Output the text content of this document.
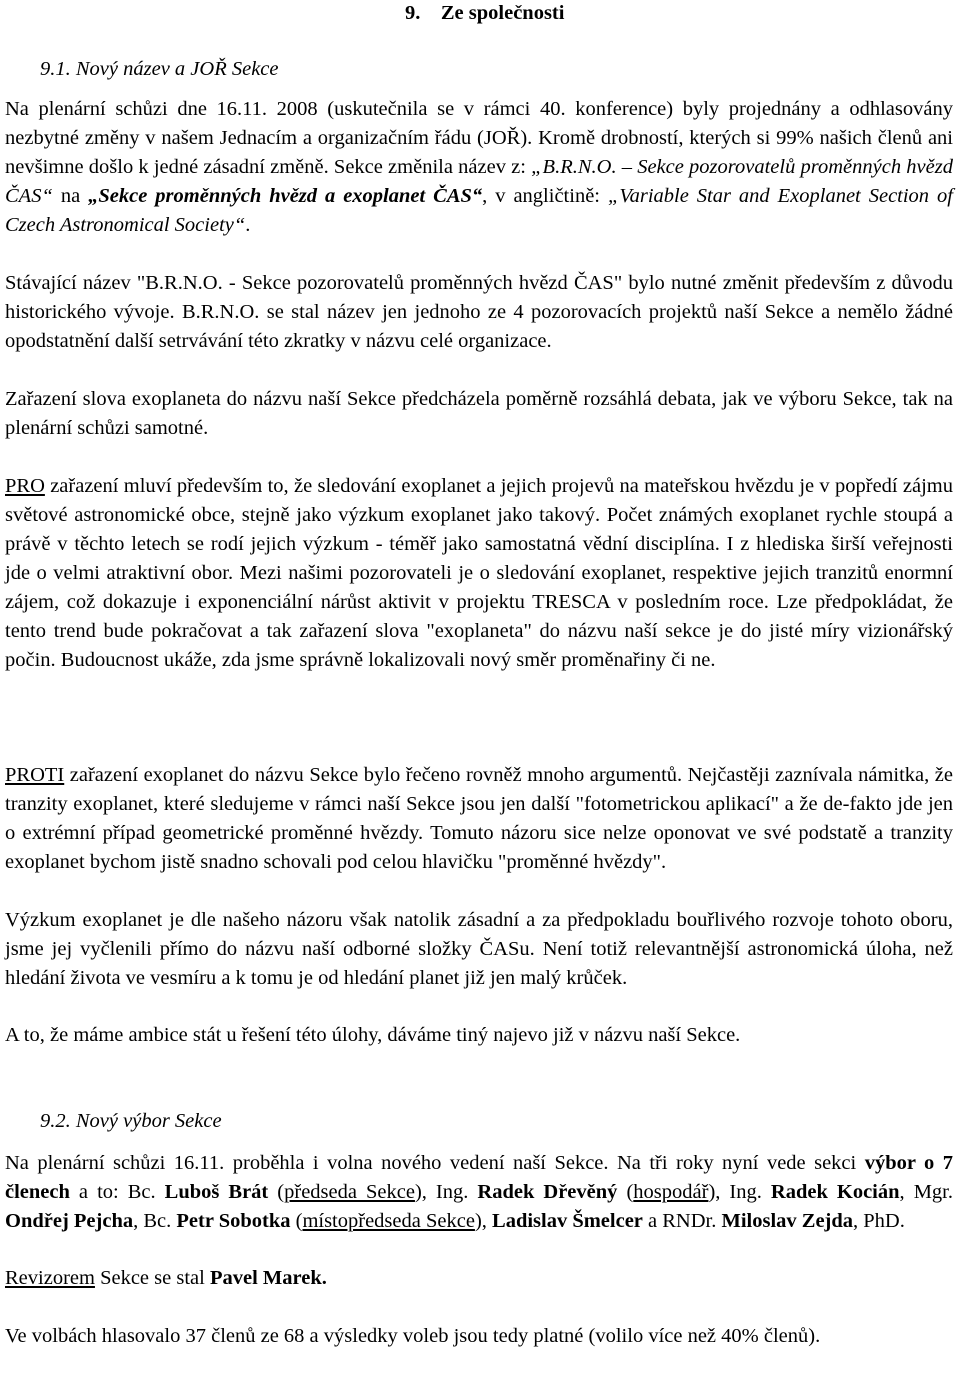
9. Ze společnosti
9.1. Nový název a JOŘ Sekce

Na plenární schůzi dne 16.11. 2008 (uskutečnila se v rámci 40. konference) byly projednány a odhlasovány nezbytné změny v našem Jednacím a organizačním řádu (JOŘ). Kromě drobností, kterých si 99% našich členů ani nevšimne došlo k jedné zásadní změně. Sekce změnila název z: „B.R.N.O. – Sekce pozorovatelů proměnných hvězd ČAS“ na „Sekce proměnných hvězd a exoplanet ČAS“, v angličtině: „Variable Star and Exoplanet Section of Czech Astronomical Society“.

Stávající název "B.R.N.O. - Sekce pozorovatelů proměnných hvězd ČAS" bylo nutné změnit především z důvodu historického vývoje. B.R.N.O. se stal název jen jednoho ze 4 pozorovacích projektů naší Sekce a nemělo žádné opodstatnění další setrvávání této zkratky v názvu celé organizace.

Zařazení slova exoplaneta do názvu naší Sekce předcházela poměrně rozsáhlá debata, jak ve výboru Sekce, tak na plenární schůzi samotné.

PRO zařazení mluví především to, že sledování exoplanet a jejich projevů na mateřskou hvězdu je v popředí zájmu světové astronomické obce, stejně jako výzkum exoplanet jako takový. Počet známých exoplanet rychle stoupá a právě v těchto letech se rodí jejich výzkum - téměř jako samostatná vědní disciplína. I z hlediska širší veřejnosti jde o velmi atraktivní obor. Mezi našimi pozorovateli je o sledování exoplanet, respektive jejich tranzitů enormní zájem, což dokazuje i exponenciální nárůst aktivit v projektu TRESCA v posledním roce. Lze předpokládat, že tento trend bude pokračovat a tak zařazení slova "exoplaneta" do názvu naší sekce je do jisté míry vizionářský počin. Budoucnost ukáže, zda jsme správně lokalizovali nový směr proměnařiny či ne.

PROTI zařazení exoplanet do názvu Sekce bylo řečeno rovněž mnoho argumentů. Nejčastěji zaznívala námitka, že tranzity exoplanet, které sledujeme v rámci naší Sekce jsou jen další "fotometrickou aplikací" a že de-fakto jde jen o extrémní případ geometrické proměnné hvězdy. Tomuto názoru sice nelze oponovat ve své podstatě a tranzity exoplanet bychom jistě snadno schovali pod celou hlavičku "proměnné hvězdy".

Výzkum exoplanet je dle našeho názoru však natolik zásadní a za předpokladu bouřlivého rozvoje tohoto oboru, jsme jej vyčlenili přímo do názvu naší odborné složky ČASu. Není totiž relevantnější astronomická úloha, než hledání života ve vesmíru a k tomu je od hledání planet již jen malý krůček.

A to, že máme ambice stát u řešení této úlohy, dáváme tiný najevo již v názvu naší Sekce.

9.2. Nový výbor Sekce

Na plenární schůzi 16.11. proběhla i volna nového vedení naší Sekce. Na tři roky nyní vede sekci výbor o 7 členech a to: Bc. Luboš Brát (předseda Sekce), Ing. Radek Dřevěný (hospodář), Ing. Radek Kocián, Mgr. Ondřej Pejcha, Bc. Petr Sobotka (místopředseda Sekce), Ladislav Šmelcer a RNDr. Miloslav Zejda, PhD.

Revizorem Sekce se stal Pavel Marek.

Ve volbách hlasovalo 37 členů ze 68 a výsledky voleb jsou tedy platné (volilo více než 40% členů).
